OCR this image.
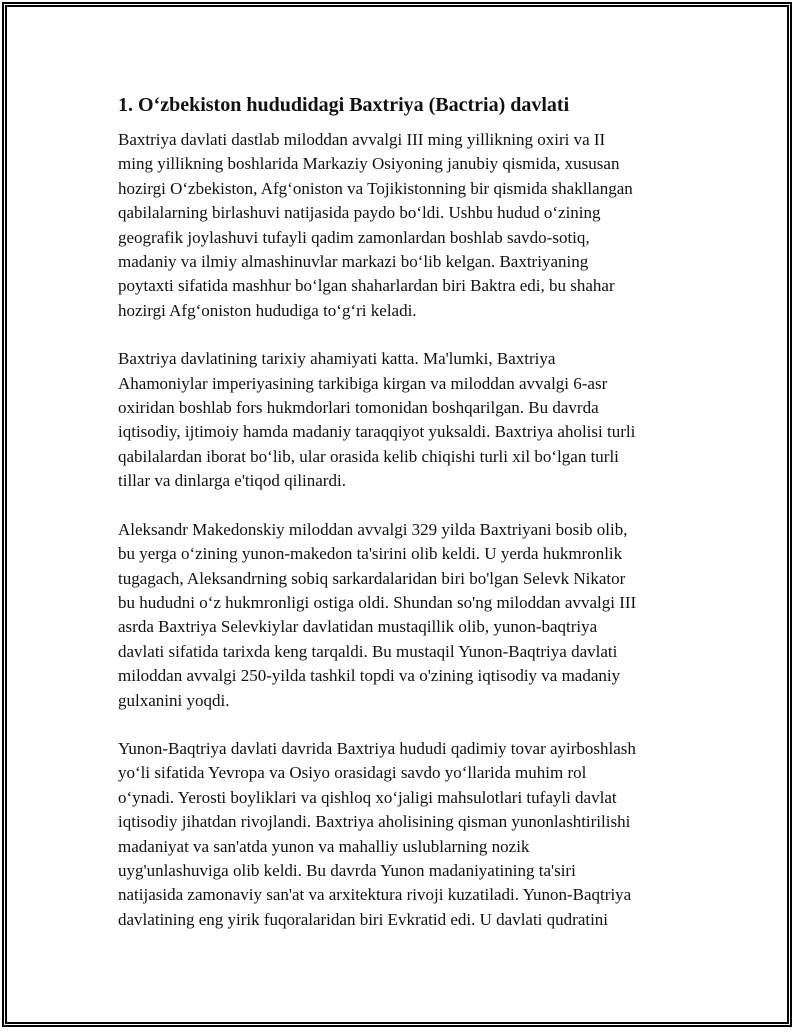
1. O‘zbekiston hududidagi Baxtriya (Bactria) davlati
Baxtriya davlati dastlab miloddan avvalgi III ming yillikning oxiri va II
ming yillikning boshlarida Markaziy Osiyoning janubiy qismida, xususan
hozirgi O‘zbekiston, Afg‘oniston va Tojikistonning bir qismida shakllangan
qabilalarning birlashuvi natijasida paydo bo‘ldi. Ushbu hudud o‘zining
geografik joylashuvi tufayli qadim zamonlardan boshlab savdo-sotiq,
madaniy va ilmiy almashinuvlar markazi bo‘lib kelgan. Baxtriyaning
poytaxti sifatida mashhur bo‘lgan shaharlardan biri Baktra edi, bu shahar
hozirgi Afg‘oniston hududiga to‘g‘ri keladi.
Baxtriya davlatining tarixiy ahamiyati katta. Ma'lumki, Baxtriya
Ahamoniylar imperiyasining tarkibiga kirgan va miloddan avvalgi 6-asr
oxiridan boshlab fors hukmdorlari tomonidan boshqarilgan. Bu davrda
iqtisodiy, ijtimoiy hamda madaniy taraqqiyot yuksaldi. Baxtriya aholisi turli
qabilalardan iborat bo‘lib, ular orasida kelib chiqishi turli xil bo‘lgan turli
tillar va dinlarga e'tiqod qilinardi.
Aleksandr Makedonskiy miloddan avvalgi 329 yilda Baxtriyani bosib olib,
bu yerga o‘zining yunon-makedon ta'sirini olib keldi. U yerda hukmronlik
tugagach, Aleksandrning sobiq sarkardalaridan biri bo'lgan Selevk Nikator
bu hududni o‘z hukmronligi ostiga oldi. Shundan so'ng miloddan avvalgi III
asrda Baxtriya Selevkiylar davlatidan mustaqillik olib, yunon-baqtriya
davlati sifatida tarixda keng tarqaldi. Bu mustaqil Yunon-Baqtriya davlati
miloddan avvalgi 250-yilda tashkil topdi va o'zining iqtisodiy va madaniy
gulxanini yoqdi.
Yunon-Baqtriya davlati davrida Baxtriya hududi qadimiy tovar ayirboshlash
yo‘li sifatida Yevropa va Osiyo orasidagi savdo yo‘llarida muhim rol
o‘ynadi. Yerosti boyliklari va qishloq xo‘jaligi mahsulotlari tufayli davlat
iqtisodiy jihatdan rivojlandi. Baxtriya aholisining qisman yunonlashtirilishi
madaniyat va san'atda yunon va mahalliy uslublarning nozik
uyg'unlashuviga olib keldi. Bu davrda Yunon madaniyatining ta'siri
natijasida zamonaviy san'at va arxitektura rivoji kuzatiladi. Yunon-Baqtriya
davlatining eng yirik fuqoralaridan biri Evkratid edi. U davlati qudratini
